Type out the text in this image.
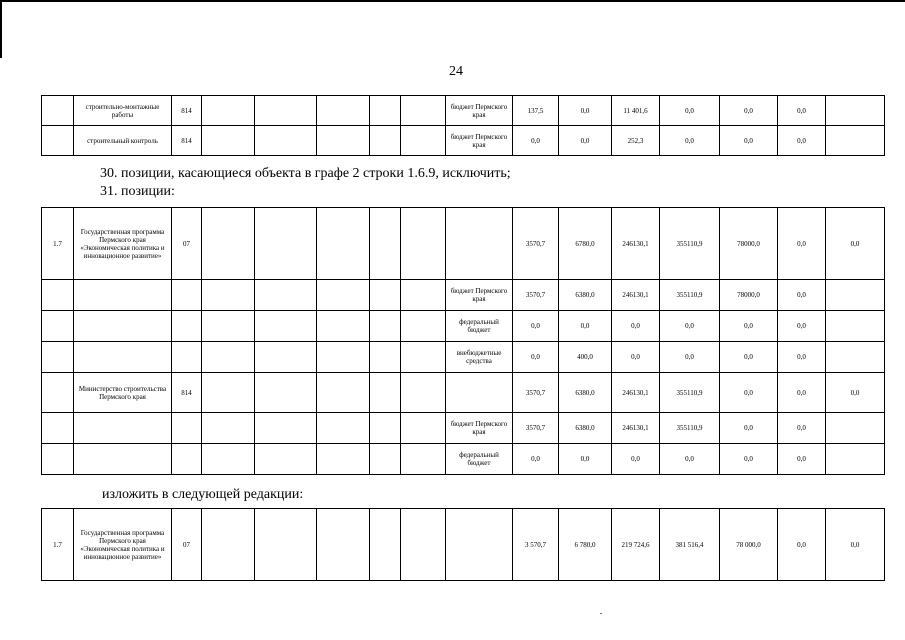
24
	строительно-монтажные работы	814						бюджет Пермского края	137,5	0,0	11 401,6	0,0	0,0	0,0	
	строительный контроль	814						бюджет Пермского края	0,0	0,0	252,3	0,0	0,0	0,0	
30. позиции, касающиеся объекта в графе 2 строки 1.6.9, исключить;
31. позиции:
1.7	Государственная программа Пермского края «Экономическая политика и инновационное развитие»	07							3570,7	6780,0	246130,1	355110,9	78000,0	0,0	0,0
								бюджет Пермского края	3570,7	6380,0	246130,1	355110,9	78000,0	0,0	
								федеральный бюджет	0,0	0,0	0,0	0,0	0,0	0,0	
								внебюджетные средства	0,0	400,0	0,0	0,0	0,0	0,0	
	Министерство строительства Пермского края	814							3570,7	6380,0	246130,1	355110,9	0,0	0,0	0,0
								бюджет Пермского края	3570,7	6380,0	246130,1	355110,9	0,0	0,0	
								федеральный бюджет	0,0	0,0	0,0	0,0	0,0	0,0	
изложить в следующей редакции:
1.7	Государственная программа Пермского края «Экономическая политика и инновационное развитие»	07							3 570,7	6 780,0	219 724,6	381 516,4	78 000,0	0,0	0,0
